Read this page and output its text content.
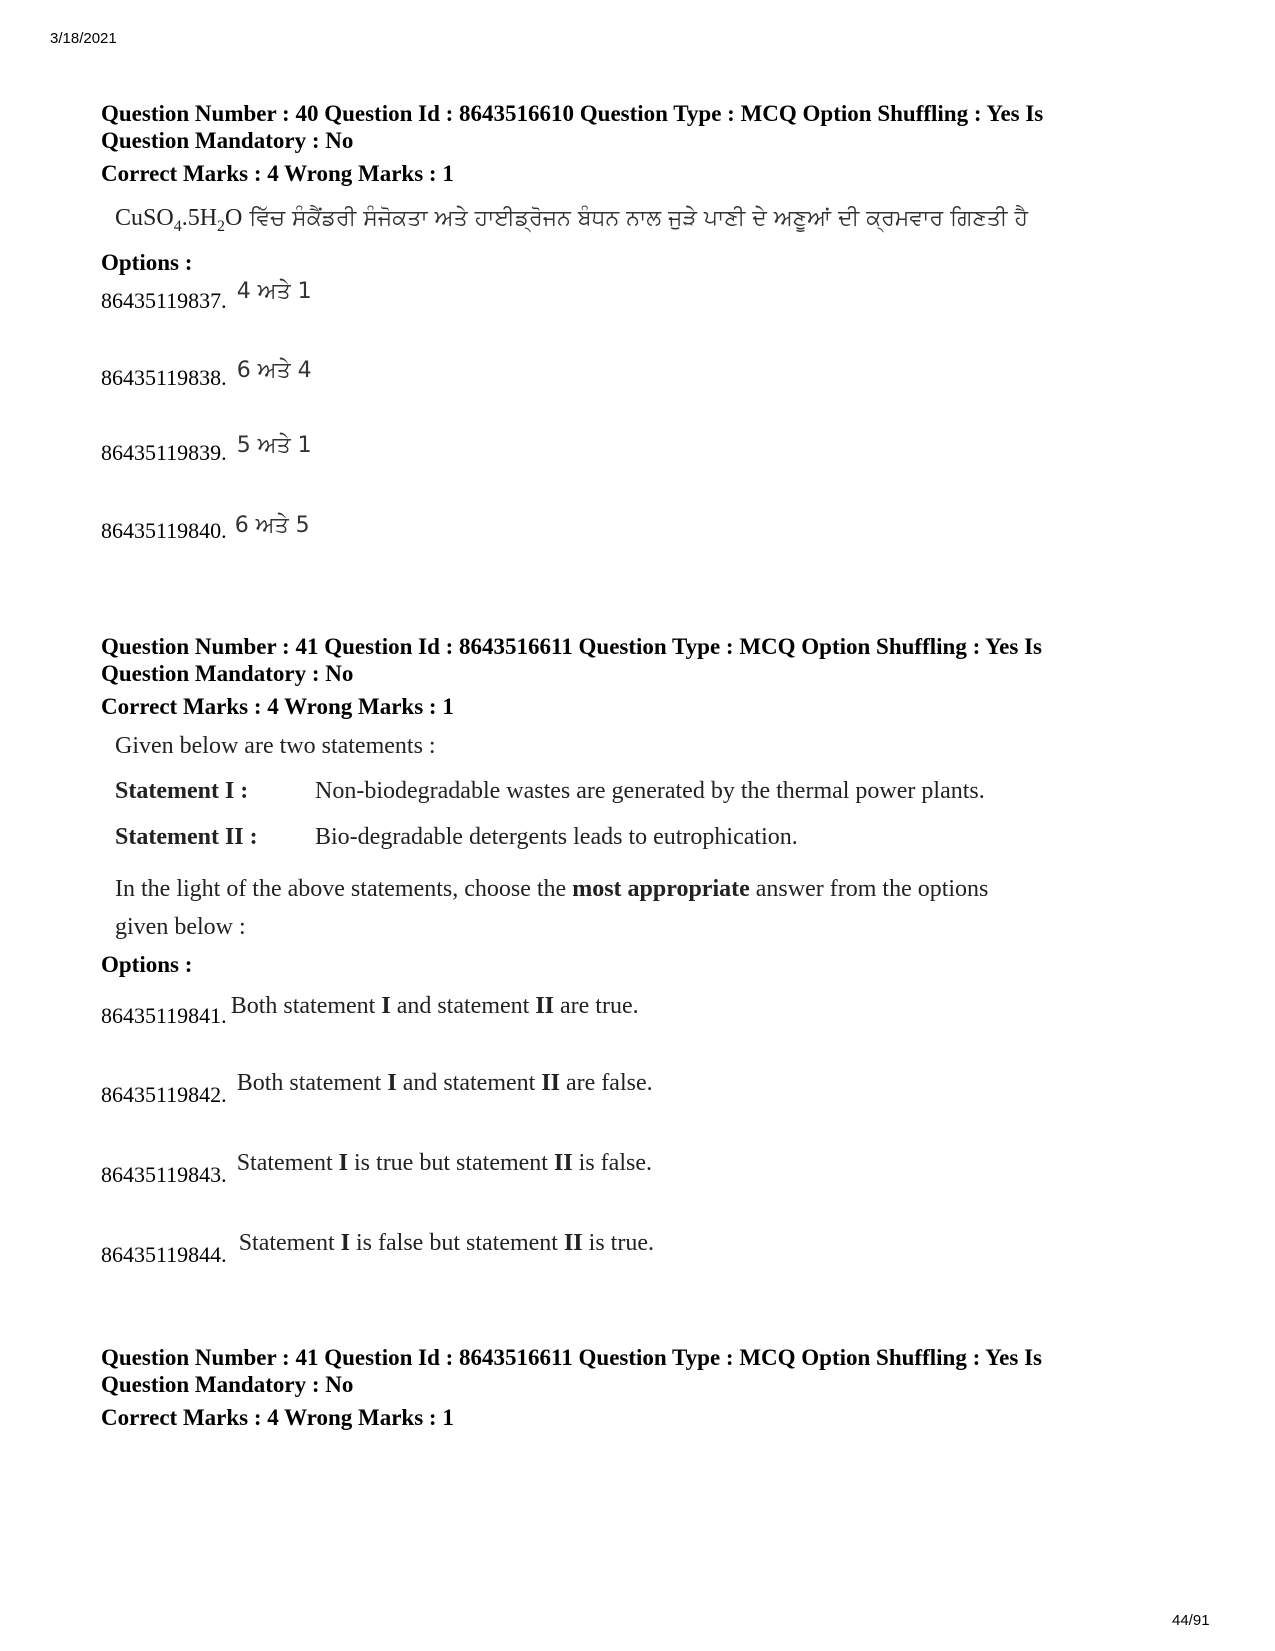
3/18/2021

Question Number : 40 Question Id : 8643516610 Question Type : MCQ Option Shuffling : Yes Is

Question Mandatory : No

Correct Marks : 4 Wrong Marks : 1

$CuSO_4.5H_2O$ ਵਿੱਚ ਸੰਕੈਂਡਰੀ ਸੰਜੋਕਤਾ ਅਤੇ ਹਾਈਡ੍ਰੋਜਨ ਬੰਧਨ ਨਾਲ ਜੁੜੇ ਪਾਣੀ ਦੇ ਅਣੂਆਂ ਦੀ ਕ੍ਰਮਵਾਰ ਗਿਣਤੀ ਹੈ
Options :
86435119837. 4 ਅਤੇ 1
86435119838. 6 ਅਤੇ 4
86435119839. 5 ਅਤੇ 1
86435119840. 6 ਅਤੇ 5

Question Number : 41 Question Id : 8643516611 Question Type : MCQ Option Shuffling : Yes Is

Question Mandatory : No

Correct Marks : 4 Wrong Marks : 1

Given below are two statements :
Statement I :	Non-biodegradable wastes are generated by the thermal power plants.
Statement II : Bio-degradable detergents leads to eutrophication.
In the light of the above statements, choose the most appropriate answer from the options
given below :
Options :
86435119841. Both statement I and statement II are true.
86435119842. Both statement I and statement II are false.
86435119843. Statement I is true but statement II is false.
86435119844. Statement I is false but statement II is true.

Question Number : 41 Question Id : 8643516611 Question Type : MCQ Option Shuffling : Yes Is

Question Mandatory : No

Correct Marks : 4 Wrong Marks : 1

44/91
